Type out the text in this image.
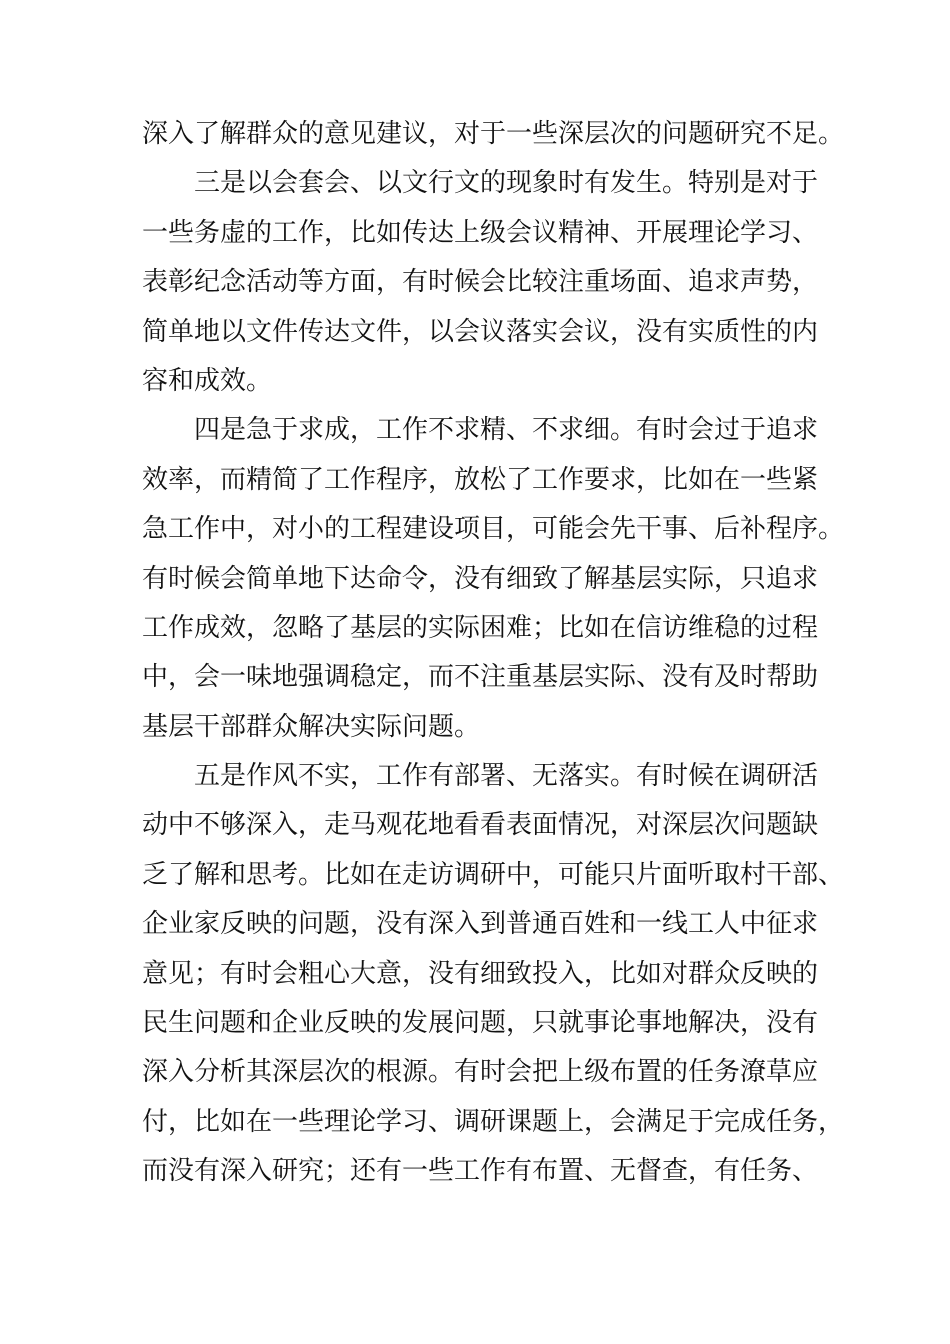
深入了解群众的意见建议，对于一些深层次的问题研究不足。
三是以会套会、以文行文的现象时有发生。特别是对于
一些务虚的工作，比如传达上级会议精神、开展理论学习、
表彰纪念活动等方面，有时候会比较注重场面、追求声势，
简单地以文件传达文件，以会议落实会议，没有实质性的内
容和成效。
四是急于求成，工作不求精、不求细。有时会过于追求
效率，而精简了工作程序，放松了工作要求，比如在一些紧
急工作中，对小的工程建设项目，可能会先干事、后补程序。
有时候会简单地下达命令，没有细致了解基层实际，只追求
工作成效，忽略了基层的实际困难；比如在信访维稳的过程
中，会一味地强调稳定，而不注重基层实际、没有及时帮助
基层干部群众解决实际问题。
五是作风不实，工作有部署、无落实。有时候在调研活
动中不够深入，走马观花地看看表面情况，对深层次问题缺
乏了解和思考。比如在走访调研中，可能只片面听取村干部、
企业家反映的问题，没有深入到普通百姓和一线工人中征求
意见；有时会粗心大意，没有细致投入，比如对群众反映的
民生问题和企业反映的发展问题，只就事论事地解决，没有
深入分析其深层次的根源。有时会把上级布置的任务潦草应
付，比如在一些理论学习、调研课题上，会满足于完成任务，
而没有深入研究；还有一些工作有布置、无督查，有任务、
